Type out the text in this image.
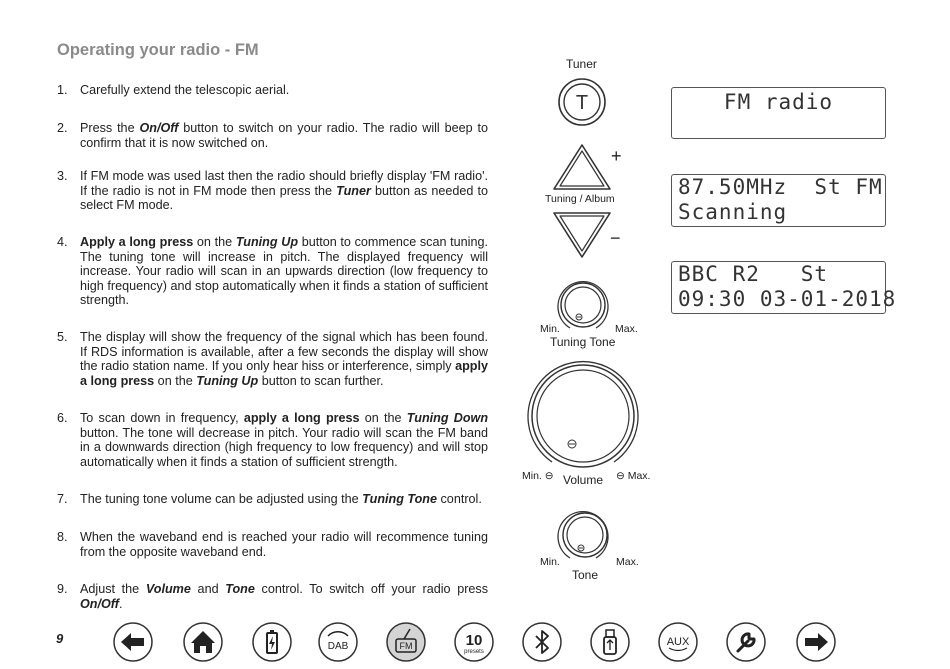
Operating your radio - FM
1. Carefully extend the telescopic aerial.
2. Press the On/Off button to switch on your radio. The radio will beep to confirm that it is now switched on.
3. If FM mode was used last then the radio should briefly display 'FM radio'. If the radio is not in FM mode then press the Tuner button as needed to select FM mode.
4. Apply a long press on the Tuning Up button to commence scan tuning. The tuning tone will increase in pitch. The displayed frequency will increase. Your radio will scan in an upwards direction (low frequency to high frequency) and stop automatically when it finds a station of sufficient strength.
5. The display will show the frequency of the signal which has been found. If RDS information is available, after a few seconds the display will show the radio station name. If you only hear hiss or interference, simply apply a long press on the Tuning Up button to scan further.
6. To scan down in frequency, apply a long press on the Tuning Down button. The tone will decrease in pitch. Your radio will scan the FM band in a downwards direction (high frequency to low frequency) and will stop automatically when it finds a station of sufficient strength.
7. The tuning tone volume can be adjusted using the Tuning Tone control.
8. When the waveband end is reached your radio will recommence tuning from the opposite waveband end.
9. Adjust the Volume and Tone control. To switch off your radio press On/Off.
Tuner
T
+
Tuning / Album
−
Min.	Max.
Tuning Tone
Min. ⊖ Volume ⊖ Max.
Min.	Max.
Tone
FM radio
87.50MHz  St FM
Scanning
BBC R2   St
09:30 03-01-2018
9
DAB	FM	10
presets
AUX
